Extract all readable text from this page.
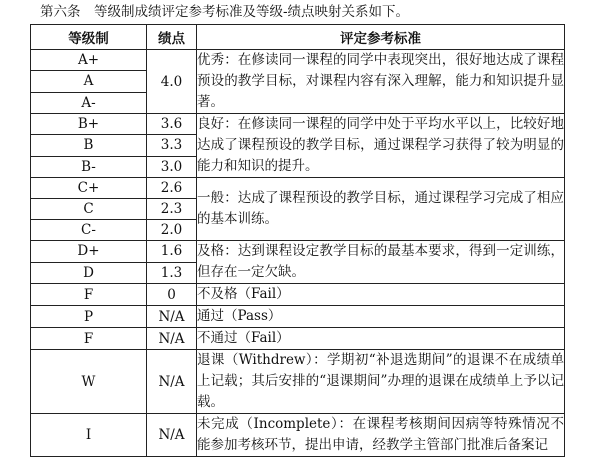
第六条　等级制成绩评定参考标准及等级-绩点映射关系如下。
等级制	绩点	评定参考标准
A+	4.0	优秀：在修读同一课程的同学中表现突出，很好地达成了课程预设的教学目标，对课程内容有深入理解，能力和知识提升显著。
A		
A-		
B+	3.6	良好：在修读同一课程的同学中处于平均水平以上，比较好地达成了课程预设的教学目标，通过课程学习获得了较为明显的能力和知识的提升。
B	3.3	
B-	3.0	
C+	2.6	一般：达成了课程预设的教学目标，通过课程学习完成了相应的基本训练。
C	2.3	
C-	2.0	
D+	1.6	及格：达到课程设定教学目标的最基本要求，得到一定训练，但存在一定欠缺。
D	1.3	
F	0	不及格（Fail）
P	N/A	通过（Pass）
F	N/A	不通过（Fail）
W	N/A	退课（Withdrew）：学期初“补退选期间”的退课不在成绩单上记载；其后安排的“退课期间”办理的退课在成绩单上予以记载。
I	N/A	未完成（Incomplete）：在课程考核期间因病等特殊情况不能参加考核环节，提出申请，经教学主管部门批准后备案记
